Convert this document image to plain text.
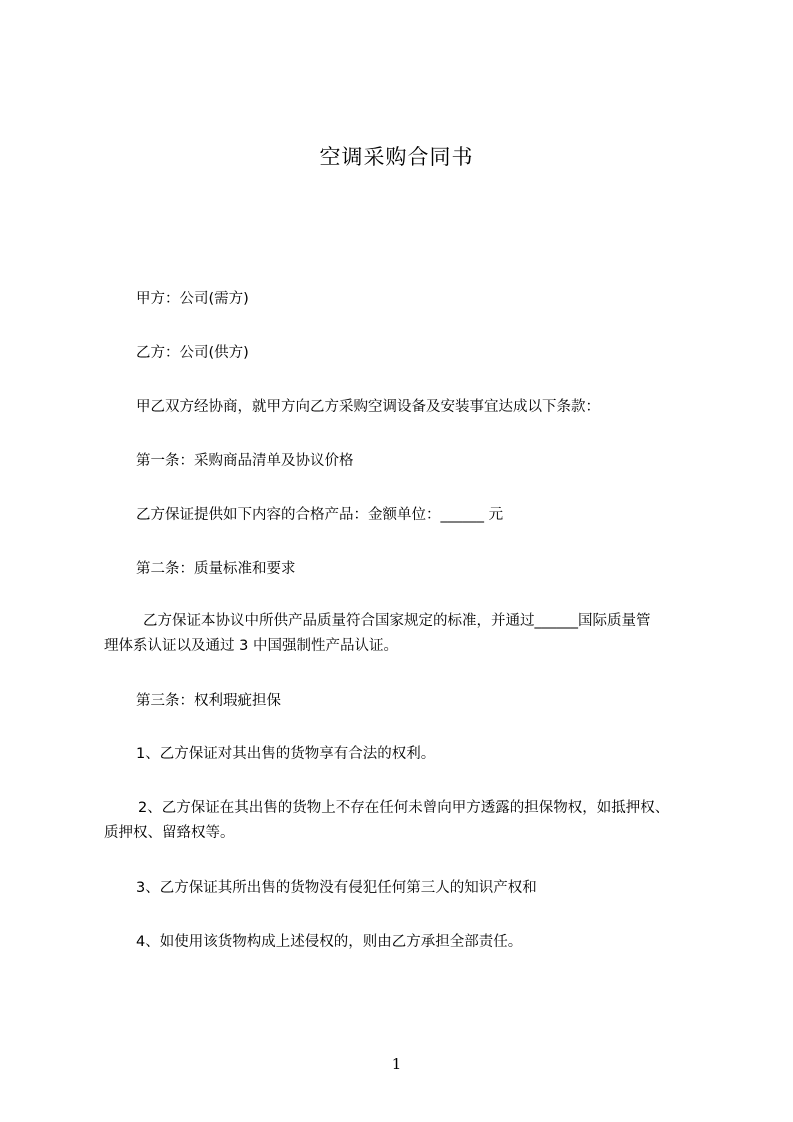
空调采购合同书

甲方：公司(需方)

乙方：公司(供方)

甲乙双方经协商，就甲方向乙方采购空调设备及安装事宜达成以下条款：

第一条：采购商品清单及协议价格

乙方保证提供如下内容的合格产品：金额单位：______ 元

第二条：质量标准和要求

乙方保证本协议中所供产品质量符合国家规定的标准，并通过______国际质量管

理体系认证以及通过 3 中国强制性产品认证。

第三条：权利瑕疵担保

1、乙方保证对其出售的货物享有合法的权利。

2、乙方保证在其出售的货物上不存在任何未曾向甲方透露的担保物权，如抵押权、

质押权、留臵权等。

3、乙方保证其所出售的货物没有侵犯任何第三人的知识产权和

4、如使用该货物构成上述侵权的，则由乙方承担全部责任。

1
